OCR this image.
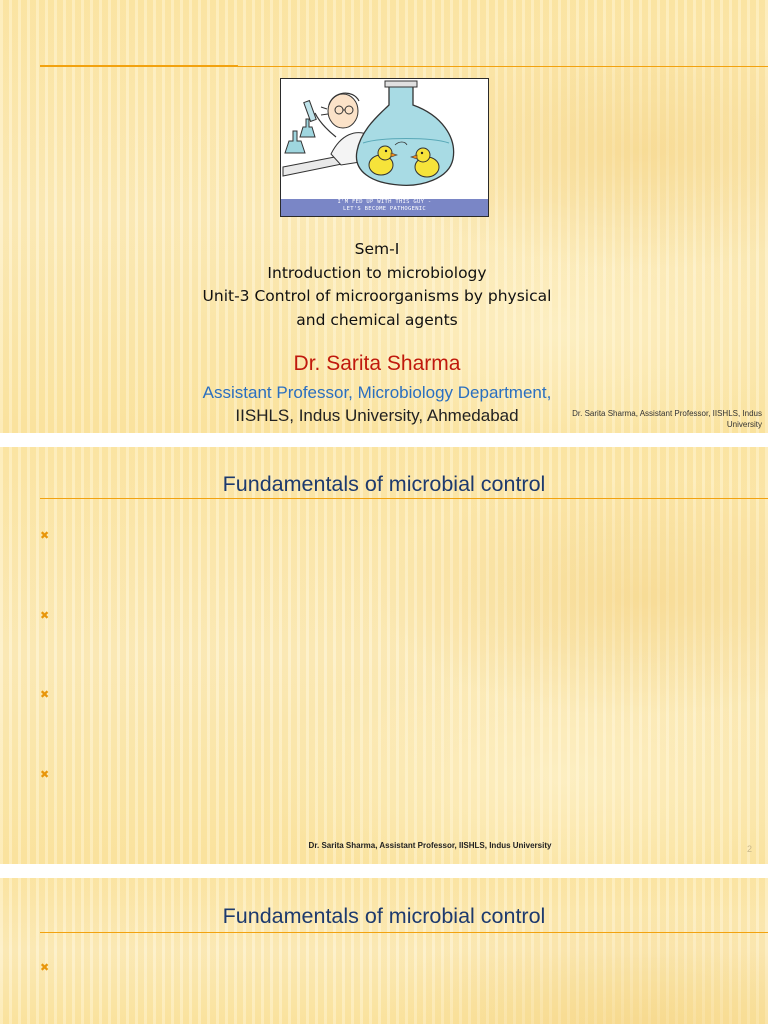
I'M FED UP WITH THIS GUY -
LET'S BECOME PATHOGENIC
Sem-I
Introduction to microbiology
Unit-3 Control of microorganisms by physical
and chemical agents
Dr. Sarita Sharma
Assistant Professor, Microbiology Department,
IISHLS, Indus University, Ahmedabad	Dr. Sarita Sharma, Assistant Professor, IISHLS, Indus
University
Fundamentals of microbial control
✖
✖
✖
✖
Dr. Sarita Sharma, Assistant Professor, IISHLS, Indus University	2
Fundamentals of microbial control
✖
